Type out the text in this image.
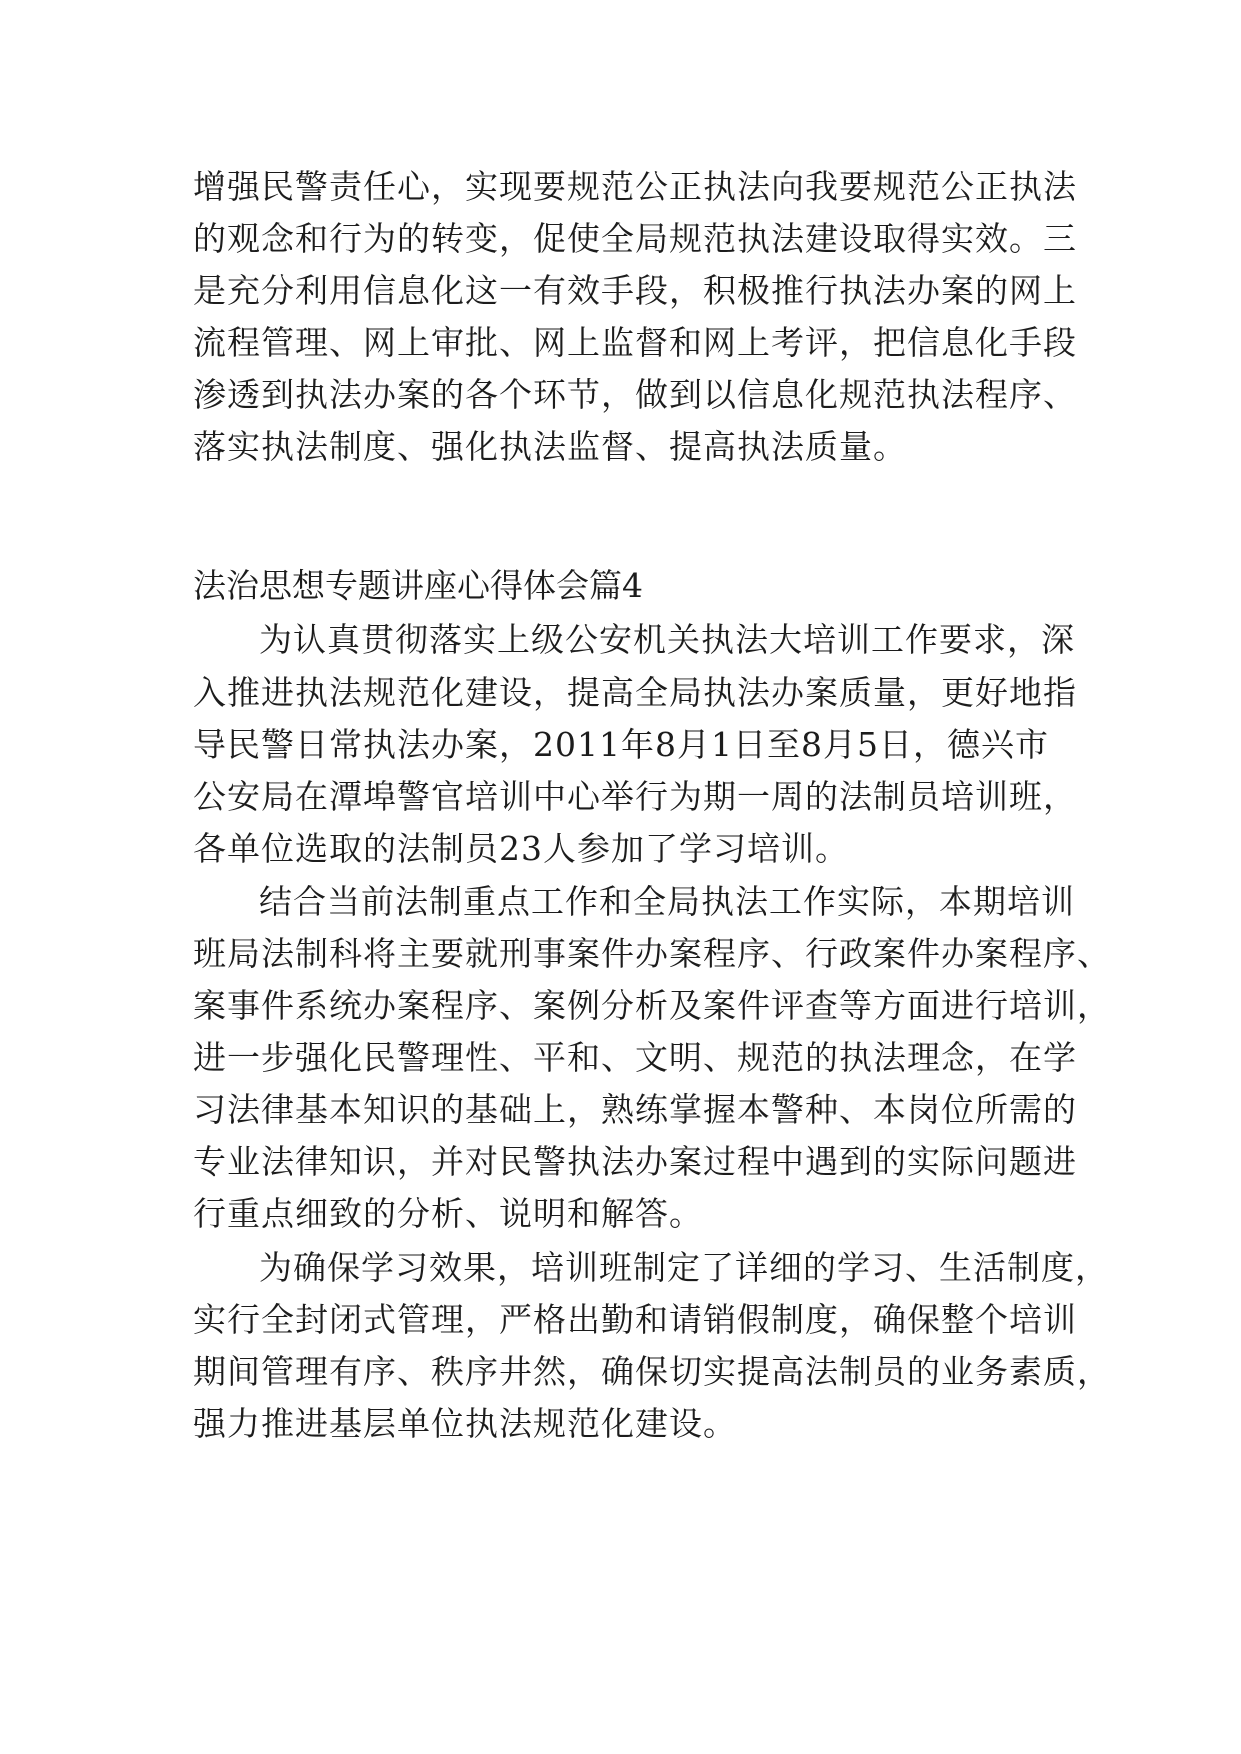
增强民警责任心，实现要规范公正执法向我要规范公正执法
的观念和行为的转变，促使全局规范执法建设取得实效。三
是充分利用信息化这一有效手段，积极推行执法办案的网上
流程管理、网上审批、网上监督和网上考评，把信息化手段
渗透到执法办案的各个环节，做到以信息化规范执法程序、
落实执法制度、强化执法监督、提高执法质量。
法治思想专题讲座心得体会篇4
为认真贯彻落实上级公安机关执法大培训工作要求，深
入推进执法规范化建设，提高全局执法办案质量，更好地指
导民警日常执法办案，2011年8月1日至8月5日，德兴市
公安局在潭埠警官培训中心举行为期一周的法制员培训班，
各单位选取的法制员23人参加了学习培训。
结合当前法制重点工作和全局执法工作实际，本期培训
班局法制科将主要就刑事案件办案程序、行政案件办案程序、
案事件系统办案程序、案例分析及案件评查等方面进行培训，
进一步强化民警理性、平和、文明、规范的执法理念，在学
习法律基本知识的基础上，熟练掌握本警种、本岗位所需的
专业法律知识，并对民警执法办案过程中遇到的实际问题进
行重点细致的分析、说明和解答。
为确保学习效果，培训班制定了详细的学习、生活制度，
实行全封闭式管理，严格出勤和请销假制度，确保整个培训
期间管理有序、秩序井然，确保切实提高法制员的业务素质，
强力推进基层单位执法规范化建设。
